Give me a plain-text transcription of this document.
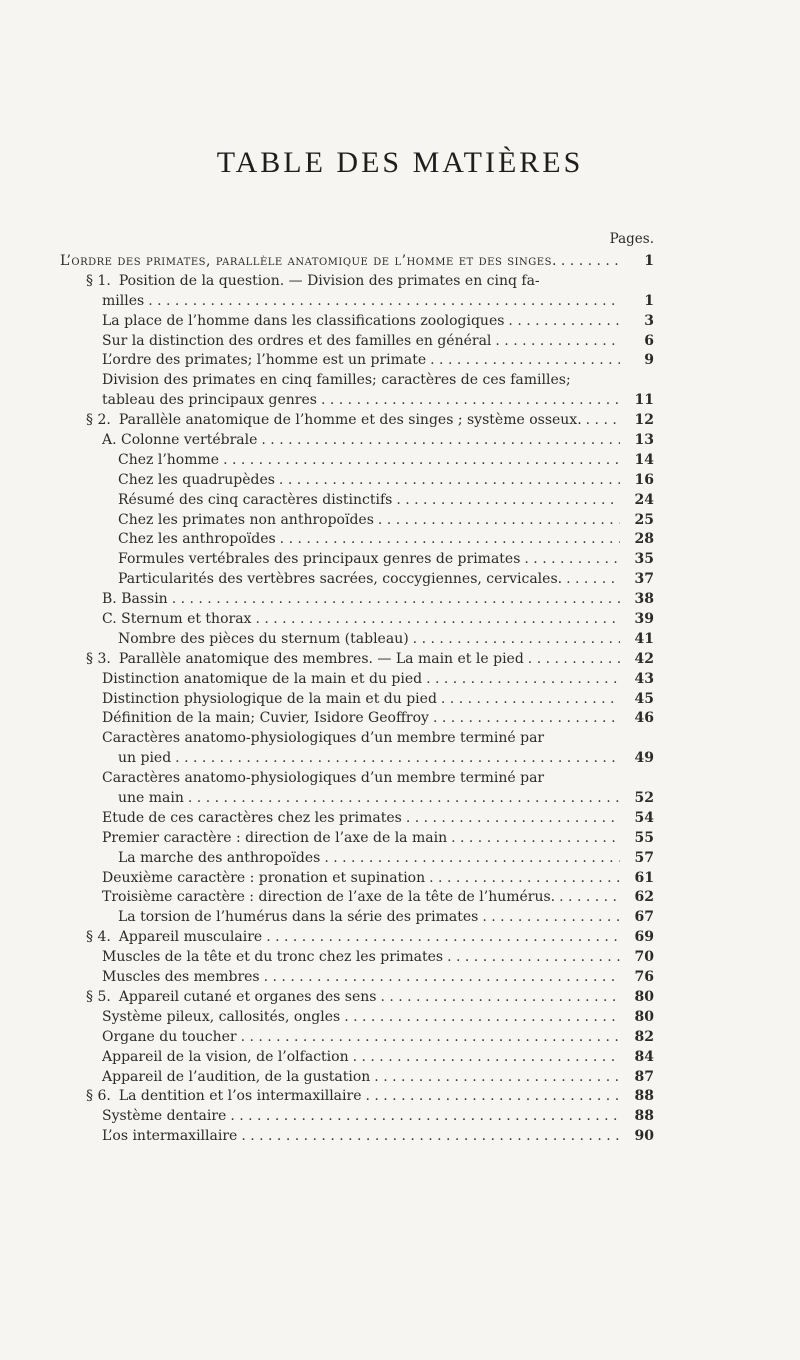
TABLE DES MATIÈRES
Pages.
L’ordre des primates, parallèle anatomique de l’homme et des singes. . . .	1
§ 1. Position de la question. — Division des primates en cinq fa-
milles . . .	1
La place de l’homme dans les classifications zoologiques . . .	3
Sur la distinction des ordres et des familles en général . . .	6
L’ordre des primates; l’homme est un primate . . .	9
Division des primates en cinq familles; caractères de ces familles;
tableau des principaux genres . . .	11
§ 2. Parallèle anatomique de l’homme et des singes ; système osseux. . . .	12
A. Colonne vertébrale . . .	13
Chez l’homme . . .	14
Chez les quadrupèdes . . .	16
Résumé des cinq caractères distinctifs . . .	24
Chez les primates non anthropoïdes . . .	25
Chez les anthropoïdes . . .	28
Formules vertébrales des principaux genres de primates . . .	35
Particularités des vertèbres sacrées, coccygiennes, cervicales. . . .	37
B. Bassin . . .	38
C. Sternum et thorax . . .	39
Nombre des pièces du sternum (tableau) . . .	41
§ 3. Parallèle anatomique des membres. — La main et le pied . . .	42
Distinction anatomique de la main et du pied . . .	43
Distinction physiologique de la main et du pied . . .	45
Définition de la main; Cuvier, Isidore Geoffroy . . .	46
Caractères anatomo-physiologiques d’un membre terminé par
un pied . . .	49
Caractères anatomo-physiologiques d’un membre terminé par
une main . . .	52
Etude de ces caractères chez les primates . . .	54
Premier caractère : direction de l’axe de la main . . .	55
La marche des anthropoïdes . . .	57
Deuxième caractère : pronation et supination . . .	61
Troisième caractère : direction de l’axe de la tête de l’humérus. . . .	62
La torsion de l’humérus dans la série des primates . . .	67
§ 4. Appareil musculaire . . .	69
Muscles de la tête et du tronc chez les primates . . .	70
Muscles des membres . . .	76
§ 5. Appareil cutané et organes des sens . . .	80
Système pileux, callosités, ongles . . .	80
Organe du toucher . . .	82
Appareil de la vision, de l’olfaction . . .	84
Appareil de l’audition, de la gustation . . .	87
§ 6. La dentition et l’os intermaxillaire . . .	88
Système dentaire . . .	88
L’os intermaxillaire . . .	90
